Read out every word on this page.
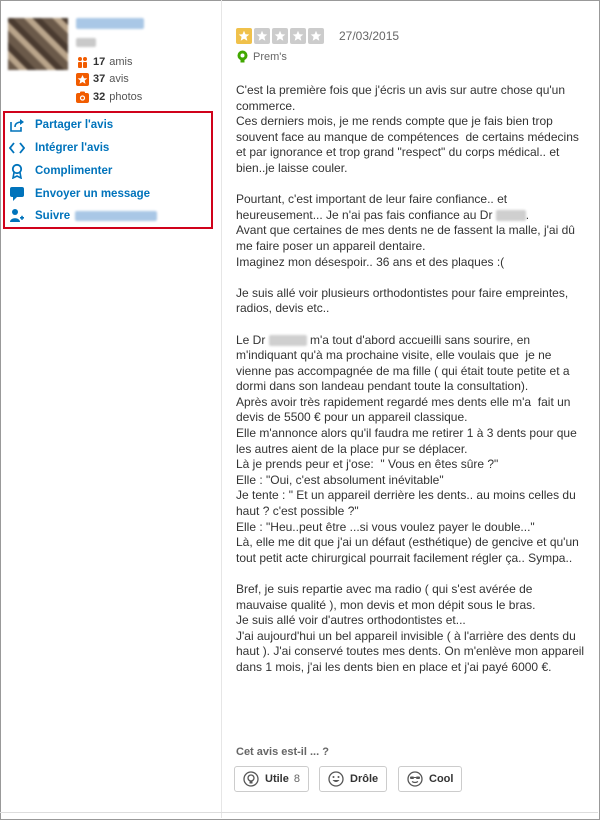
17 amis
37 avis
32 photos
Partager l'avis
Intégrer l'avis
Complimenter
Envoyer un message
Suivre
27/03/2015
Prem's

C'est la première fois que j'écris un avis sur autre chose qu'un commerce.

Ces derniers mois, je me rends compte que je fais bien trop souvent face au manque de compétences  de certains médecins et par ignorance et trop grand "respect" du corps médical.. et bien..je laisse couler.

Pourtant, c'est important de leur faire confiance.. et heureusement... Je n'ai pas fais confiance au Dr	.

Avant que certaines de mes dents ne de fassent la malle, j'ai dû me faire poser un appareil dentaire.

Imaginez mon désespoir.. 36 ans et des plaques :(

Je suis allé voir plusieurs orthodontistes pour faire empreintes, radios, devis etc..

Le Dr	m'a tout d'abord accueilli sans sourire, en m'indiquant qu'à ma prochaine visite, elle voulais que  je ne vienne pas accompagnée de ma fille ( qui était toute petite et a dormi dans son landeau pendant toute la consultation).

Après avoir très rapidement regardé mes dents elle m'a  fait un devis de 5500 € pour un appareil classique.

Elle m'annonce alors qu'il faudra me retirer 1 à 3 dents pour que les autres aient de la place pur se déplacer.

Là je prends peur et j'ose:  " Vous en êtes sûre ?"

Elle : "Oui, c'est absolument inévitable"

Je tente : " Et un appareil derrière les dents.. au moins celles du haut ? c'est possible ?"

Elle : "Heu..peut être ...si vous voulez payer le double..."

Là, elle me dit que j'ai un défaut (esthétique) de gencive et qu'un tout petit acte chirurgical pourrait facilement régler ça.. Sympa..

Bref, je suis repartie avec ma radio ( qui s'est avérée de mauvaise qualité ), mon devis et mon dépit sous le bras.

Je suis allé voir d'autres orthodontistes et...

J'ai aujourd'hui un bel appareil invisible ( à l'arrière des dents du haut ). J'ai conservé toutes mes dents. On m'enlève mon appareil dans 1 mois, j'ai les dents bien en place et j'ai payé 6000 €.

Cet avis est-il ... ?
Utile 8	Drôle	Cool
